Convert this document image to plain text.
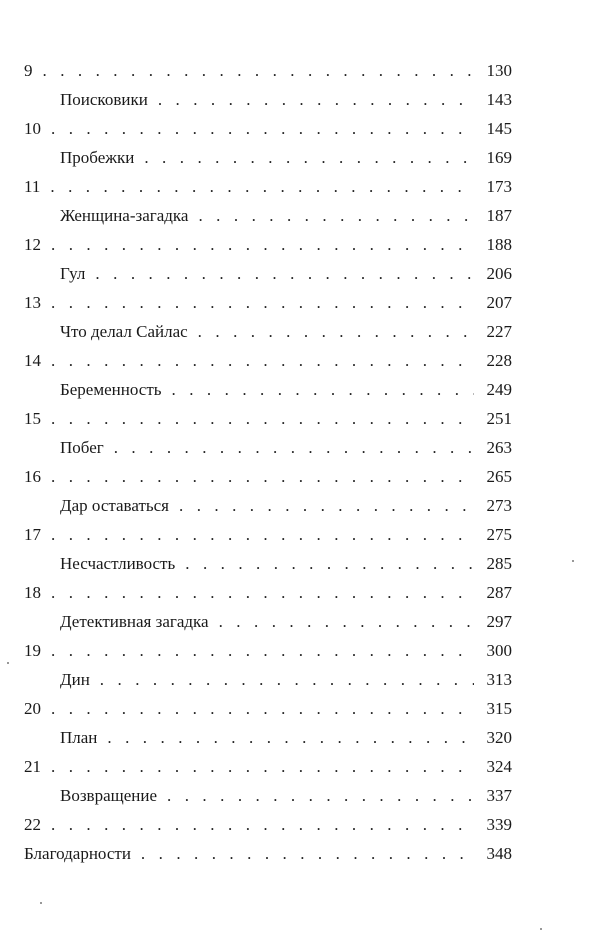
9 . . .	130
Поисковики . . .	143
10 . . .	145
Пробежки . . .	169
11 . . .	173
Женщина-загадка . . .	187
12 . . .	188
Гул . . .	206
13 . . .	207
Что делал Сайлас . . .	227
14 . . .	228
Беременность . . .	249
15 . . .	251
Побег . . .	263
16 . . .	265
Дар оставаться . . .	273
17 . . .	275
Несчастливость . . .	285
18 . . .	287
Детективная загадка . . .	297
19 . . .	300
Дин . . .	313
20 . . .	315
План . . .	320
21 . . .	324
Возвращение . . .	337
22 . . .	339
Благодарности . . .	348
